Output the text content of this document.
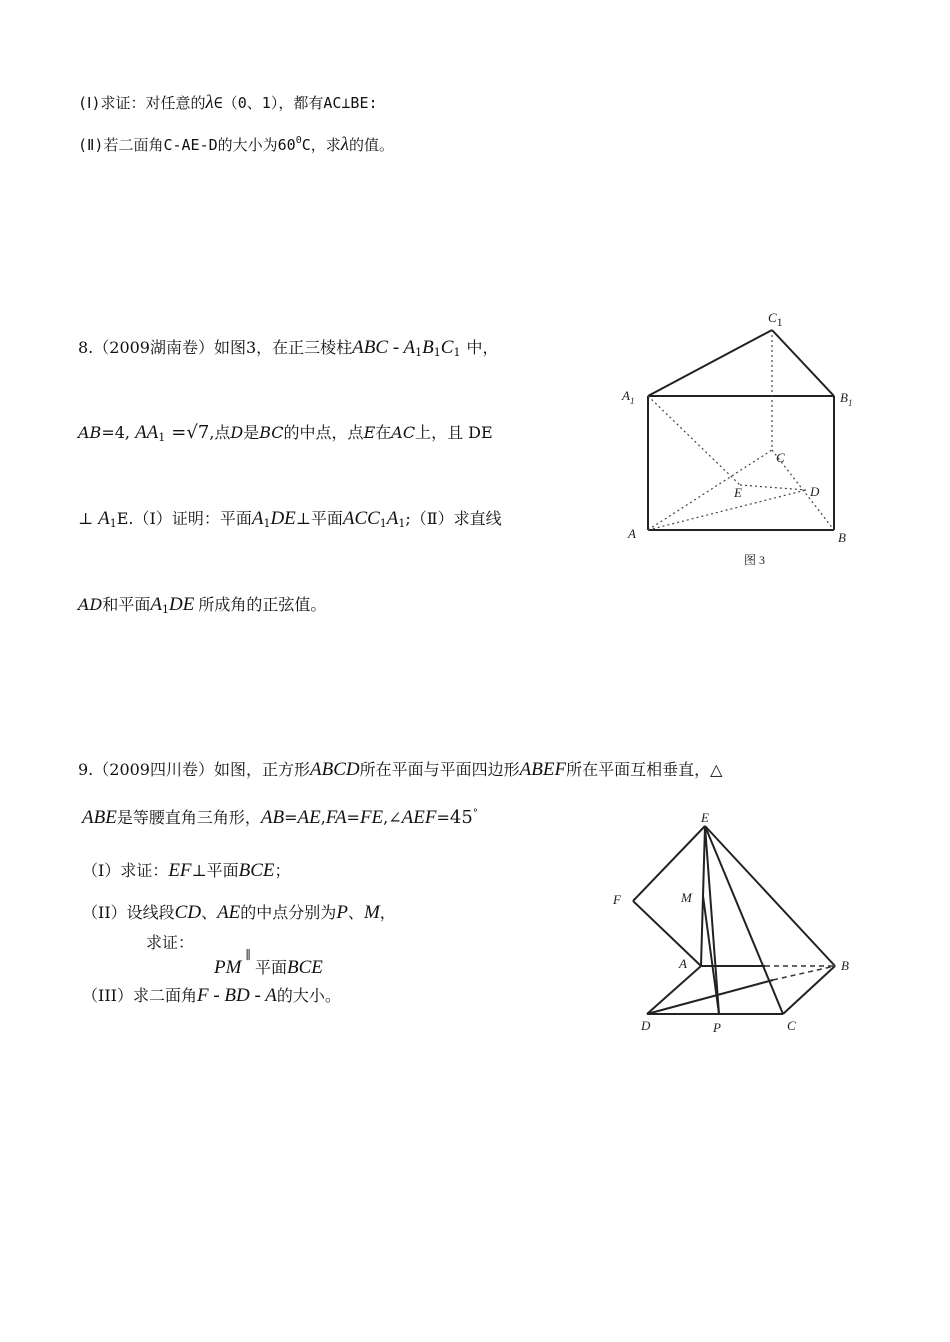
(Ⅰ)求证：对任意的λ∈（0、1），都有AC⊥BE:
(Ⅱ)若二面角C-AE-D的大小为$60^0C$，求λ的值。
8.（2009湖南卷）如图3，在正三棱柱ABC - $A_1B_1C_1$ 中，
AB=4, $AA_1 =√7$,点D是BC的中点，点E在AC上，且 DE
⊥ $A_1E.(Ⅰ)$证明：平面$A_1DE\perp$平面$ACC_1A_1;(Ⅱ)$求直线
AD和平面$A_1DE$ 所成角的正弦值。
C1
$A_1$	$B_1$
C
E	D
A	B
图 3
9.（2009四川卷）如图，正方形ABCD所在平面与平面四边形ABEF所在平面互相垂直，△
ABE是等腰直角三角形，AB=AE,FA=FE,∠AEF=45°
（I）求证：EF⊥平面BCE；
（II）设线段CD、AE的中点分别为P、M，
求证：
PM∥平面BCE
（III）求二面角F - BD - A的大小。
E
F	M
A	B
D	P	C
